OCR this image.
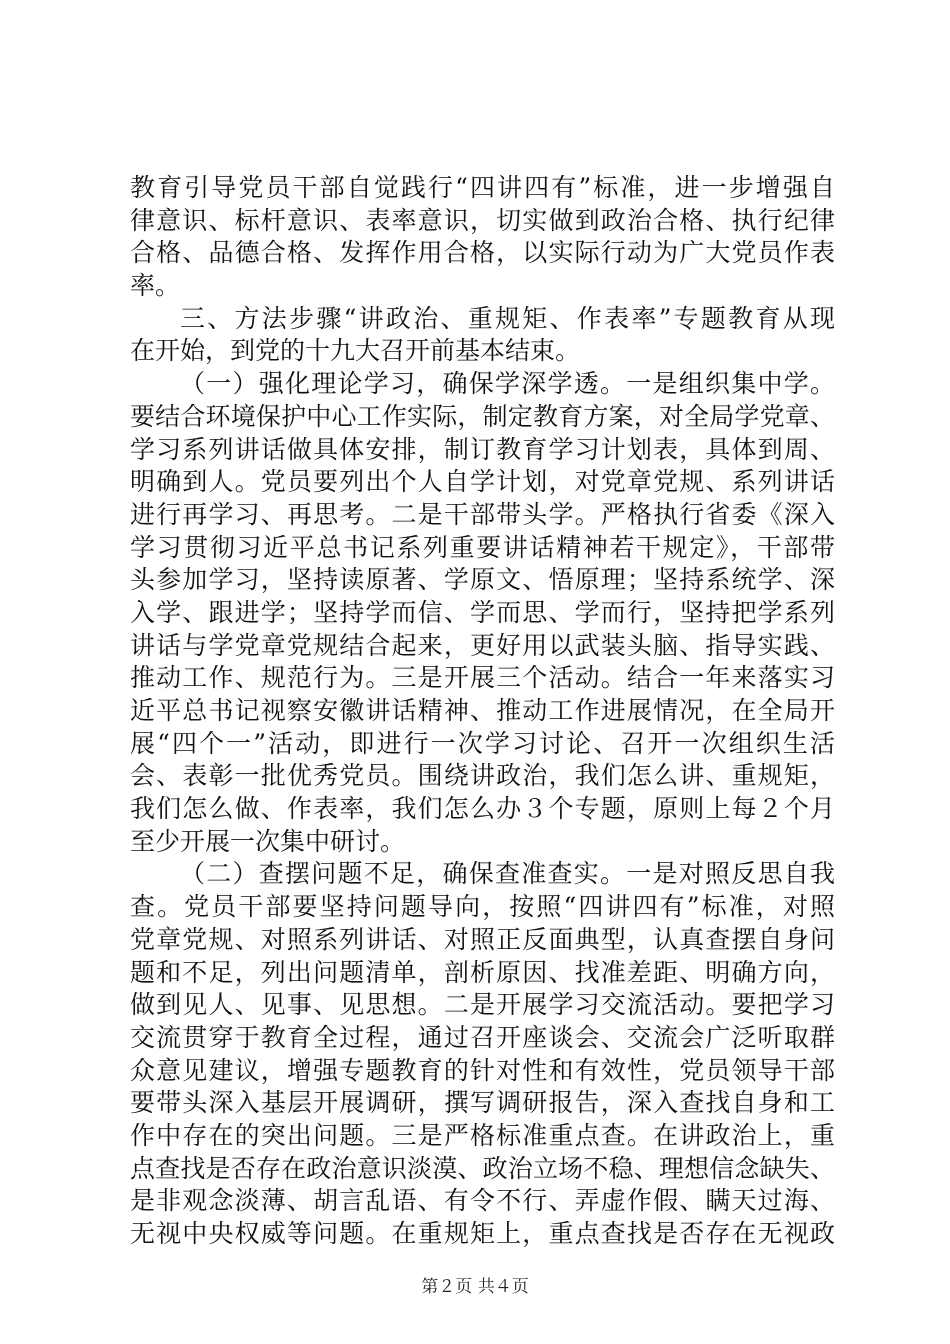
教育引导党员干部自觉践行“四讲四有”标准，进一步增强自
律意识、标杆意识、表率意识，切实做到政治合格、执行纪律
合格、品德合格、发挥作用合格，以实际行动为广大党员作表
率。
三、方法步骤“讲政治、重规矩、作表率”专题教育从现
在开始，到党的十九大召开前基本结束。
（一）强化理论学习，确保学深学透。一是组织集中学。
要结合环境保护中心工作实际，制定教育方案，对全局学党章、
学习系列讲话做具体安排，制订教育学习计划表，具体到周、
明确到人。党员要列出个人自学计划，对党章党规、系列讲话
进行再学习、再思考。二是干部带头学。严格执行省委《深入
学习贯彻习近平总书记系列重要讲话精神若干规定》，干部带
头参加学习，坚持读原著、学原文、悟原理；坚持系统学、深
入学、跟进学；坚持学而信、学而思、学而行，坚持把学系列
讲话与学党章党规结合起来，更好用以武装头脑、指导实践、
推动工作、规范行为。三是开展三个活动。结合一年来落实习
近平总书记视察安徽讲话精神、推动工作进展情况，在全局开
展“四个一”活动，即进行一次学习讨论、召开一次组织生活
会、表彰一批优秀党员。围绕讲政治，我们怎么讲、重规矩，
我们怎么做、作表率，我们怎么办３个专题，原则上每２个月
至少开展一次集中研讨。
（二）查摆问题不足，确保查准查实。一是对照反思自我
查。党员干部要坚持问题导向，按照“四讲四有”标准，对照
党章党规、对照系列讲话、对照正反面典型，认真查摆自身问
题和不足，列出问题清单，剖析原因、找准差距、明确方向，
做到见人、见事、见思想。二是开展学习交流活动。要把学习
交流贯穿于教育全过程，通过召开座谈会、交流会广泛听取群
众意见建议，增强专题教育的针对性和有效性，党员领导干部
要带头深入基层开展调研，撰写调研报告，深入查找自身和工
作中存在的突出问题。三是严格标准重点查。在讲政治上，重
点查找是否存在政治意识淡漠、政治立场不稳、理想信念缺失、
是非观念淡薄、胡言乱语、有令不行、弄虚作假、瞒天过海、
无视中央权威等问题。在重规矩上，重点查找是否存在无视政
第２页 共４页
